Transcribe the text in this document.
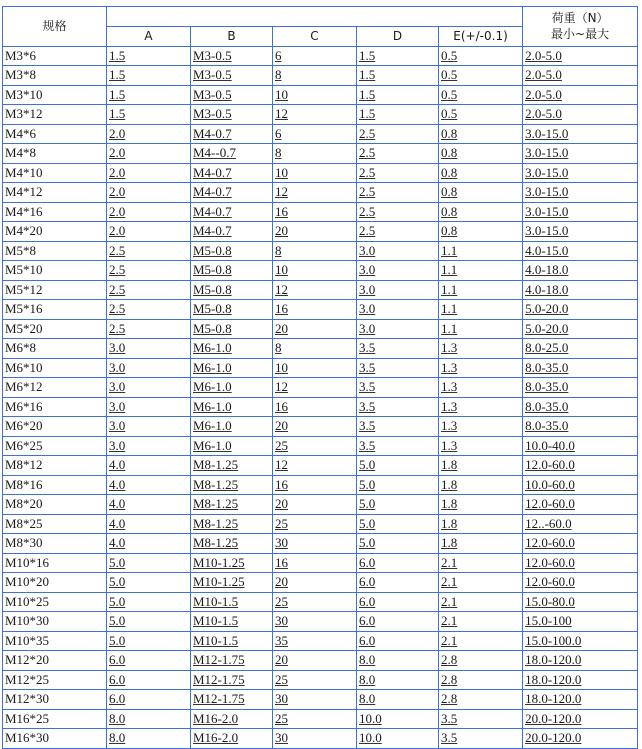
规格						荷重（N）
最小~最大

	A	B	C	D	E(+/-0.1)	
M3*6	1.5	M3-0.5	6	1.5	0.5	2.0-5.0
M3*8	1.5	M3-0.5	8	1.5	0.5	2.0-5.0
M3*10	1.5	M3-0.5	10	1.5	0.5	2.0-5.0
M3*12	1.5	M3-0.5	12	1.5	0.5	2.0-5.0
M4*6	2.0	M4-0.7	6	2.5	0.8	3.0-15.0
M4*8	2.0	M4--0.7	8	2.5	0.8	3.0-15.0
M4*10	2.0	M4-0.7	10	2.5	0.8	3.0-15.0
M4*12	2.0	M4-0.7	12	2.5	0.8	3.0-15.0
M4*16	2.0	M4-0.7	16	2.5	0.8	3.0-15.0
M4*20	2.0	M4-0.7	20	2.5	0.8	3.0-15.0
M5*8	2.5	M5-0.8	8	3.0	1.1	4.0-15.0
M5*10	2.5	M5-0.8	10	3.0	1.1	4.0-18.0
M5*12	2.5	M5-0.8	12	3.0	1.1	4.0-18.0
M5*16	2.5	M5-0.8	16	3.0	1.1	5.0-20.0
M5*20	2.5	M5-0.8	20	3.0	1.1	5.0-20.0
M6*8	3.0	M6-1.0	8	3.5	1.3	8.0-25.0
M6*10	3.0	M6-1.0	10	3.5	1.3	8.0-35.0
M6*12	3.0	M6-1.0	12	3.5	1.3	8.0-35.0
M6*16	3.0	M6-1.0	16	3.5	1.3	8.0-35.0
M6*20	3.0	M6-1.0	20	3.5	1.3	8.0-35.0
M6*25	3.0	M6-1.0	25	3.5	1.3	10.0-40.0
M8*12	4.0	M8-1.25	12	5.0	1.8	12.0-60.0
M8*16	4.0	M8-1.25	16	5.0	1.8	10.0-60.0
M8*20	4.0	M8-1.25	20	5.0	1.8	12.0-60.0
M8*25	4.0	M8-1.25	25	5.0	1.8	12..-60.0
M8*30	4.0	M8-1.25	30	5.0	1.8	12.0-60.0
M10*16	5.0	M10-1.25	16	6.0	2.1	12.0-60.0
M10*20	5.0	M10-1.25	20	6.0	2.1	12.0-60.0
M10*25	5.0	M10-1.5	25	6.0	2.1	15.0-80.0
M10*30	5.0	M10-1.5	30	6.0	2.1	15.0-100
M10*35	5.0	M10-1.5	35	6.0	2.1	15.0-100.0
M12*20	6.0	M12-1.75	20	8.0	2.8	18.0-120.0
M12*25	6.0	M12-1.75	25	8.0	2.8	18.0-120.0
M12*30	6.0	M12-1.75	30	8.0	2.8	18.0-120.0
M16*25	8.0	M16-2.0	25	10.0	3.5	20.0-120.0
M16*30	8.0	M16-2.0	30	10.0	3.5	20.0-120.0
